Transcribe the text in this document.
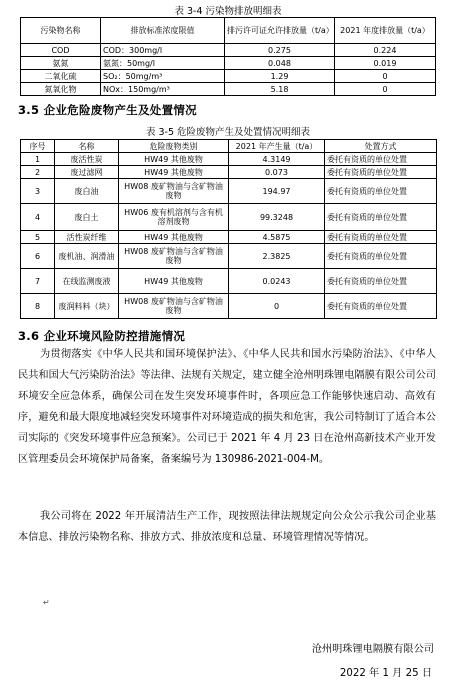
表 3-4 污染物排放明细表
污染物名称	排放标准浓度限值	排污许可证允许排放量（t/a）	2021 年度排放量（t/a）
COD	COD：300mg/l	0.275	0.224
氨氮	氨氮：50mg/l	0.048	0.019
二氧化硫	SO₂：50mg/m³	1.29	0
氮氧化物	NOx：150mg/m³	5.18	0
3.5 企业危险废物产生及处置情况
表 3-5 危险废物产生及处置情况明细表
序号	名称	危险废物类别	2021 年产生量（t/a）	处置方式
1	废活性炭	HW49 其他废物	4.3149	委托有资质的单位处置
2	废过滤网	HW49 其他废物	0.073	委托有资质的单位处置
3	废白油	HW08 废矿物油与含矿物油废物	194.97	委托有资质的单位处置
4	废白土	HW06 废有机溶剂与含有机溶剂废物	99.3248	委托有资质的单位处置
5	活性炭纤维	HW49 其他废物	4.5875	委托有资质的单位处置
6	废机油、润滑油	HW08 废矿物油与含矿物油废物	2.3825	委托有资质的单位处置
7	在线监测废液	HW49 其他废物	0.0243	委托有资质的单位处置
8	废润料料（块）	HW08 废矿物油与含矿物油废物	0	委托有资质的单位处置
3.6 企业环境风险防控措施情况
为贯彻落实《中华人民共和国环境保护法》、《中华人民共和国水污染防治法》、《中华人民共和国大气污染防治法》等法律、法规有关规定，建立健全沧州明珠锂电隔膜有限公司公司环境安全应急体系，确保公司在发生突发环境事件时，各项应急工作能够快速启动、高效有序，避免和最大限度地减轻突发环境事件对环境造成的损失和危害，我公司特制订了适合本公司实际的《突发环境事件应急预案》。公司已于 2021 年 4 月 23 日在沧州高新技术产业开发区管理委员会环境保护局备案，备案编号为 130986-2021-004-M。
我公司将在 2022 年开展清洁生产工作，现按照法律法规规定向公众公示我公司企业基本信息、排放污染物名称、排放方式、排放浓度和总量、环境管理情况等情况。
↵
沧州明珠锂电隔膜有限公司
2022 年 1 月 25 日
